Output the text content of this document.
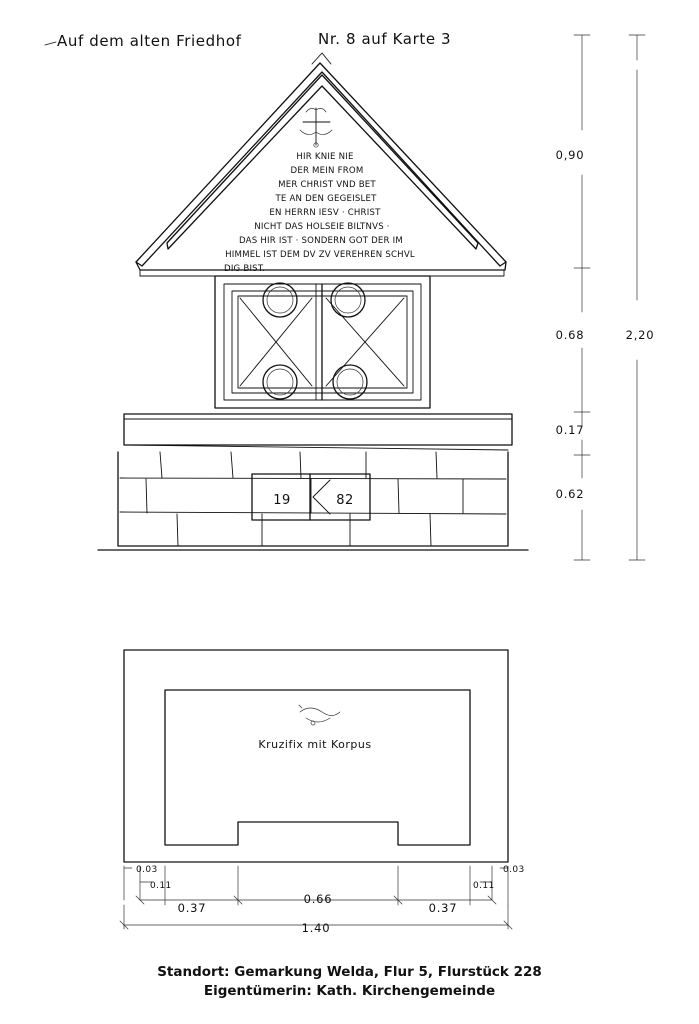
Auf dem alten Friedhof	Nr. 8 auf Karte 3
0,90
0.68	2,20
0.17
0.62
HIR KNIE NIE
DER MEIN FROM
MER CHRIST VND BET
TE AN DEN GEGEISLET
EN HERRN IESV · CHRIST
NICHT DAS HOLSEIE BILTNVS ·
DAS HIR IST · SONDERN GOT DER IM
HIMMEL IST DEM DV ZV VEREHREN SCHVL
DIG BIST.
19	82
Kruzifix mit Korpus
0.03	0.03
0.11	0.11
0.37
0.66
0.37
1.40
Standort: Gemarkung Welda, Flur 5, Flurstück 228
Eigentümerin: Kath. Kirchengemeinde
